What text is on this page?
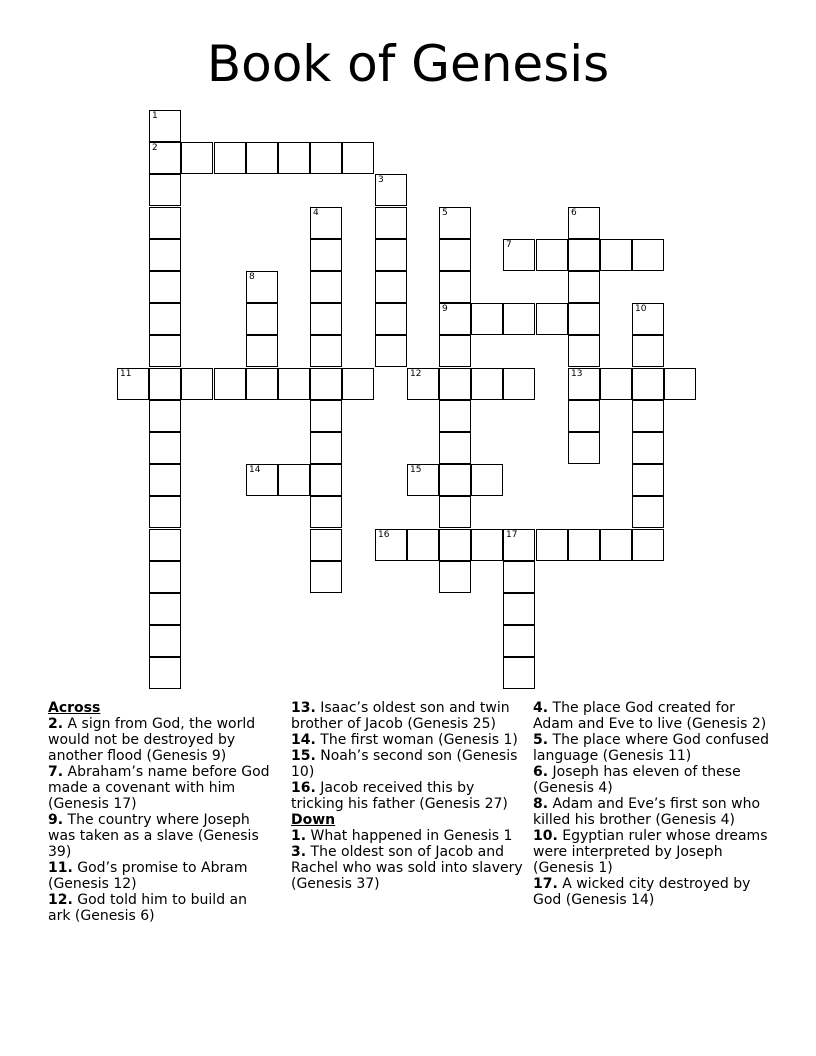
Book of Genesis
2
7
9
11	12	13
14	15
16	17
1
3
4	5	6
8
10
Across
2. A sign from God, the world would not be destroyed by another flood (Genesis 9)
7. Abraham’s name before God made a covenant with him (Genesis 17)
9. The country where Joseph was taken as a slave (Genesis 39)
11. God’s promise to Abram (Genesis 12)
12. God told him to build an ark (Genesis 6)
13. Isaac’s oldest son and twin brother of Jacob (Genesis 25)
14. The first woman (Genesis 1)
15. Noah’s second son (Genesis 10)
16. Jacob received this by tricking his father (Genesis 27)
Down
1. What happened in Genesis 1
3. The oldest son of Jacob and Rachel who was sold into slavery (Genesis 37)
4. The place God created for Adam and Eve to live (Genesis 2)
5. The place where God confused language (Genesis 11)
6. Joseph has eleven of these (Genesis 4)
8. Adam and Eve’s first son who killed his brother (Genesis 4)
10. Egyptian ruler whose dreams were interpreted by Joseph (Genesis 1)
17. A wicked city destroyed by God (Genesis 14)
